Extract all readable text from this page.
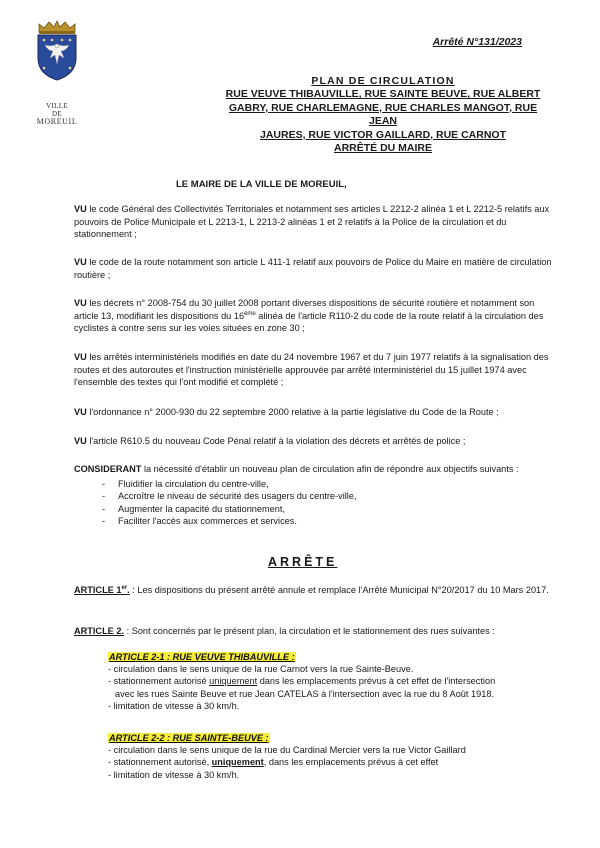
VILLE
DE
MOREUIL
Arrêté N°131/2023
PLAN DE CIRCULATION
RUE VEUVE THIBAUVILLE, RUE SAINTE BEUVE, RUE ALBERT
GABRY, RUE CHARLEMAGNE, RUE CHARLES MANGOT, RUE JEAN
JAURES, RUE VICTOR GAILLARD, RUE CARNOT
ARRÊTÉ DU MAIRE
LE MAIRE DE LA VILLE DE MOREUIL,

VU le code Général des Collectivités Territoriales et notamment ses articles L 2212-2 alinéa 1 et L 2212-5 relatifs aux pouvoirs de Police Municipale et L 2213-1, L 2213-2 alinéas 1 et 2 relatifs à la Police de la circulation et du stationnement ;

VU le code de la route notamment son article L 411-1 relatif aux pouvoirs de Police du Maire en matière de circulation routière ;

VU les décrets n° 2008-754 du 30 juillet 2008 portant diverses dispositions de sécurité routière et notamment son article 13, modifiant les dispositions du 16ème alinéa de l'article R110-2 du code de la route relatif à la circulation des cyclistes à contre sens sur les voies situées en zone 30 ;

VU les arrêtés interministériels modifiés en date du 24 novembre 1967 et du 7 juin 1977 relatifs à la signalisation des routes et des autoroutes et l'instruction ministérielle approuvée par arrêté interministériel du 15 juillet 1974 avec l'ensemble des textes qui l'ont modifié et complété ;

VU l'ordonnance n° 2000-930 du 22 septembre 2000 relative à la partie législative du Code de la Route ;

VU l'article R610.5 du nouveau Code Pénal relatif à la violation des décrets et arrêtés de police ;

CONSIDERANT la nécessité d'établir un nouveau plan de circulation afin de répondre aux objectifs suivants :

- Fluidifier la circulation du centre-ville,
- Accroître le niveau de sécurité des usagers du centre-ville,
- Augmenter la capacité du stationnement,
- Faciliter l'accès aux commerces et services.
ARRÊTE
ARTICLE 1er. : Les dispositions du présent arrêté annule et remplace l'Arrêté Municipal N°20/2017 du 10 Mars 2017.
ARTICLE 2. : Sont concernés par le présent plan, la circulation et le stationnement des rues suivantes :
ARTICLE 2-1 : RUE VEUVE THIBAUVILLE :
- circulation dans le sens unique de la rue Carnot vers la rue Sainte-Beuve.
- stationnement autorisé uniquement dans les emplacements prévus à cet effet de l'intersection
avec les rues Sainte Beuve et rue Jean CATELAS à l'intersection avec la rue du 8 Août 1918.
- limitation de vitesse à 30 km/h.
ARTICLE 2-2 : RUE SAINTE-BEUVE :
- circulation dans le sens unique de la rue du Cardinal Mercier vers la rue Victor Gaillard
- stationnement autorisé, uniquement, dans les emplacements prévus à cet effet
- limitation de vitesse à 30 km/h.
